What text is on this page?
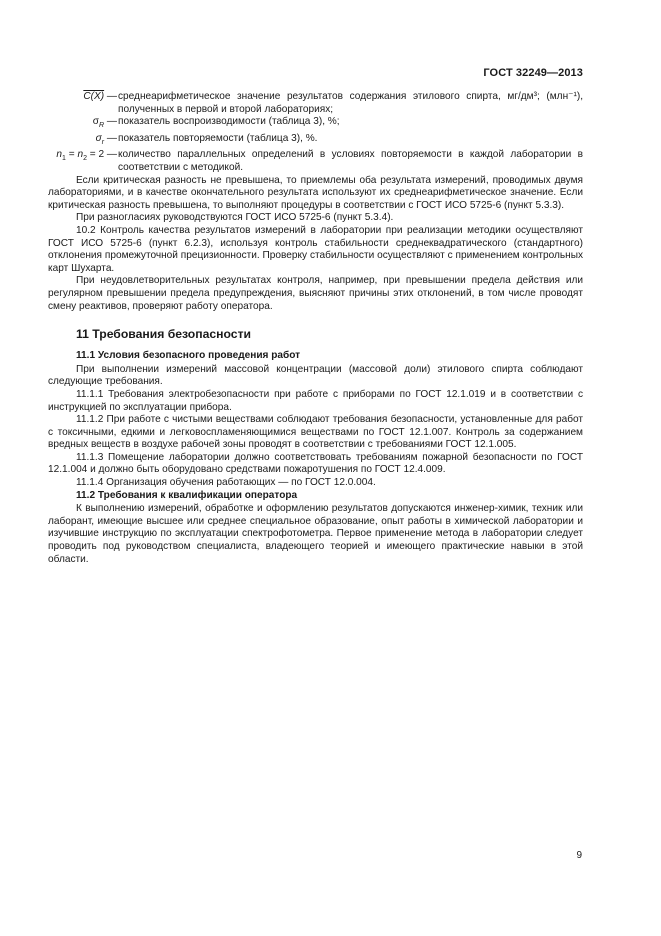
ГОСТ 32249—2013
C(X) —	среднеарифметическое значение результатов содержания этилового спирта, мг/дм³; (млн⁻¹), полученных в первой и второй лабораториях;
$\sigma_R$ —	показатель воспроизводимости (таблица 3), %;
$\sigma_r$ —	показатель повторяемости (таблица 3), %.
$n_1 = n_2 = 2$ —	количество параллельных определений в условиях повторяемости в каждой лаборатории в соответствии с методикой.

Если критическая разность не превышена, то приемлемы оба результата измерений, проводимых двумя лабораториями, и в качестве окончательного результата используют их среднеарифметическое значение. Если критическая разность превышена, то выполняют процедуры в соответствии с ГОСТ ИСО 5725-6 (пункт 5.3.3).

При разногласиях руководствуются ГОСТ ИСО 5725-6 (пункт 5.3.4).

10.2 Контроль качества результатов измерений в лаборатории при реализации методики осуществляют ГОСТ ИСО 5725-6 (пункт 6.2.3), используя контроль стабильности среднеквадратического (стандартного) отклонения промежуточной прецизионности. Проверку стабильности осуществляют с применением контрольных карт Шухарта.

При неудовлетворительных результатах контроля, например, при превышении предела действия или регулярном превышении предела предупреждения, выясняют причины этих отклонений, в том числе проводят смену реактивов, проверяют работу оператора.

11 Требования безопасности
11.1 Условия безопасного проведения работ

При выполнении измерений массовой концентрации (массовой доли) этилового спирта соблюдают следующие требования.

11.1.1 Требования электробезопасности при работе с приборами по ГОСТ 12.1.019 и в соответствии с инструкцией по эксплуатации прибора.

11.1.2 При работе с чистыми веществами соблюдают требования безопасности, установленные для работ с токсичными, едкими и легковоспламеняющимися веществами по ГОСТ 12.1.007. Контроль за содержанием вредных веществ в воздухе рабочей зоны проводят в соответствии с требованиями ГОСТ 12.1.005.

11.1.3 Помещение лаборатории должно соответствовать требованиям пожарной безопасности по ГОСТ 12.1.004 и должно быть оборудовано средствами пожаротушения по ГОСТ 12.4.009.

11.1.4 Организация обучения работающих — по ГОСТ 12.0.004.

11.2 Требования к квалификации оператора

К выполнению измерений, обработке и оформлению результатов допускаются инженер-химик, техник или лаборант, имеющие высшее или среднее специальное образование, опыт работы в химической лаборатории и изучившие инструкцию по эксплуатации спектрофотометра. Первое применение метода в лаборатории следует проводить под руководством специалиста, владеющего теорией и имеющего практические навыки в этой области.

9
